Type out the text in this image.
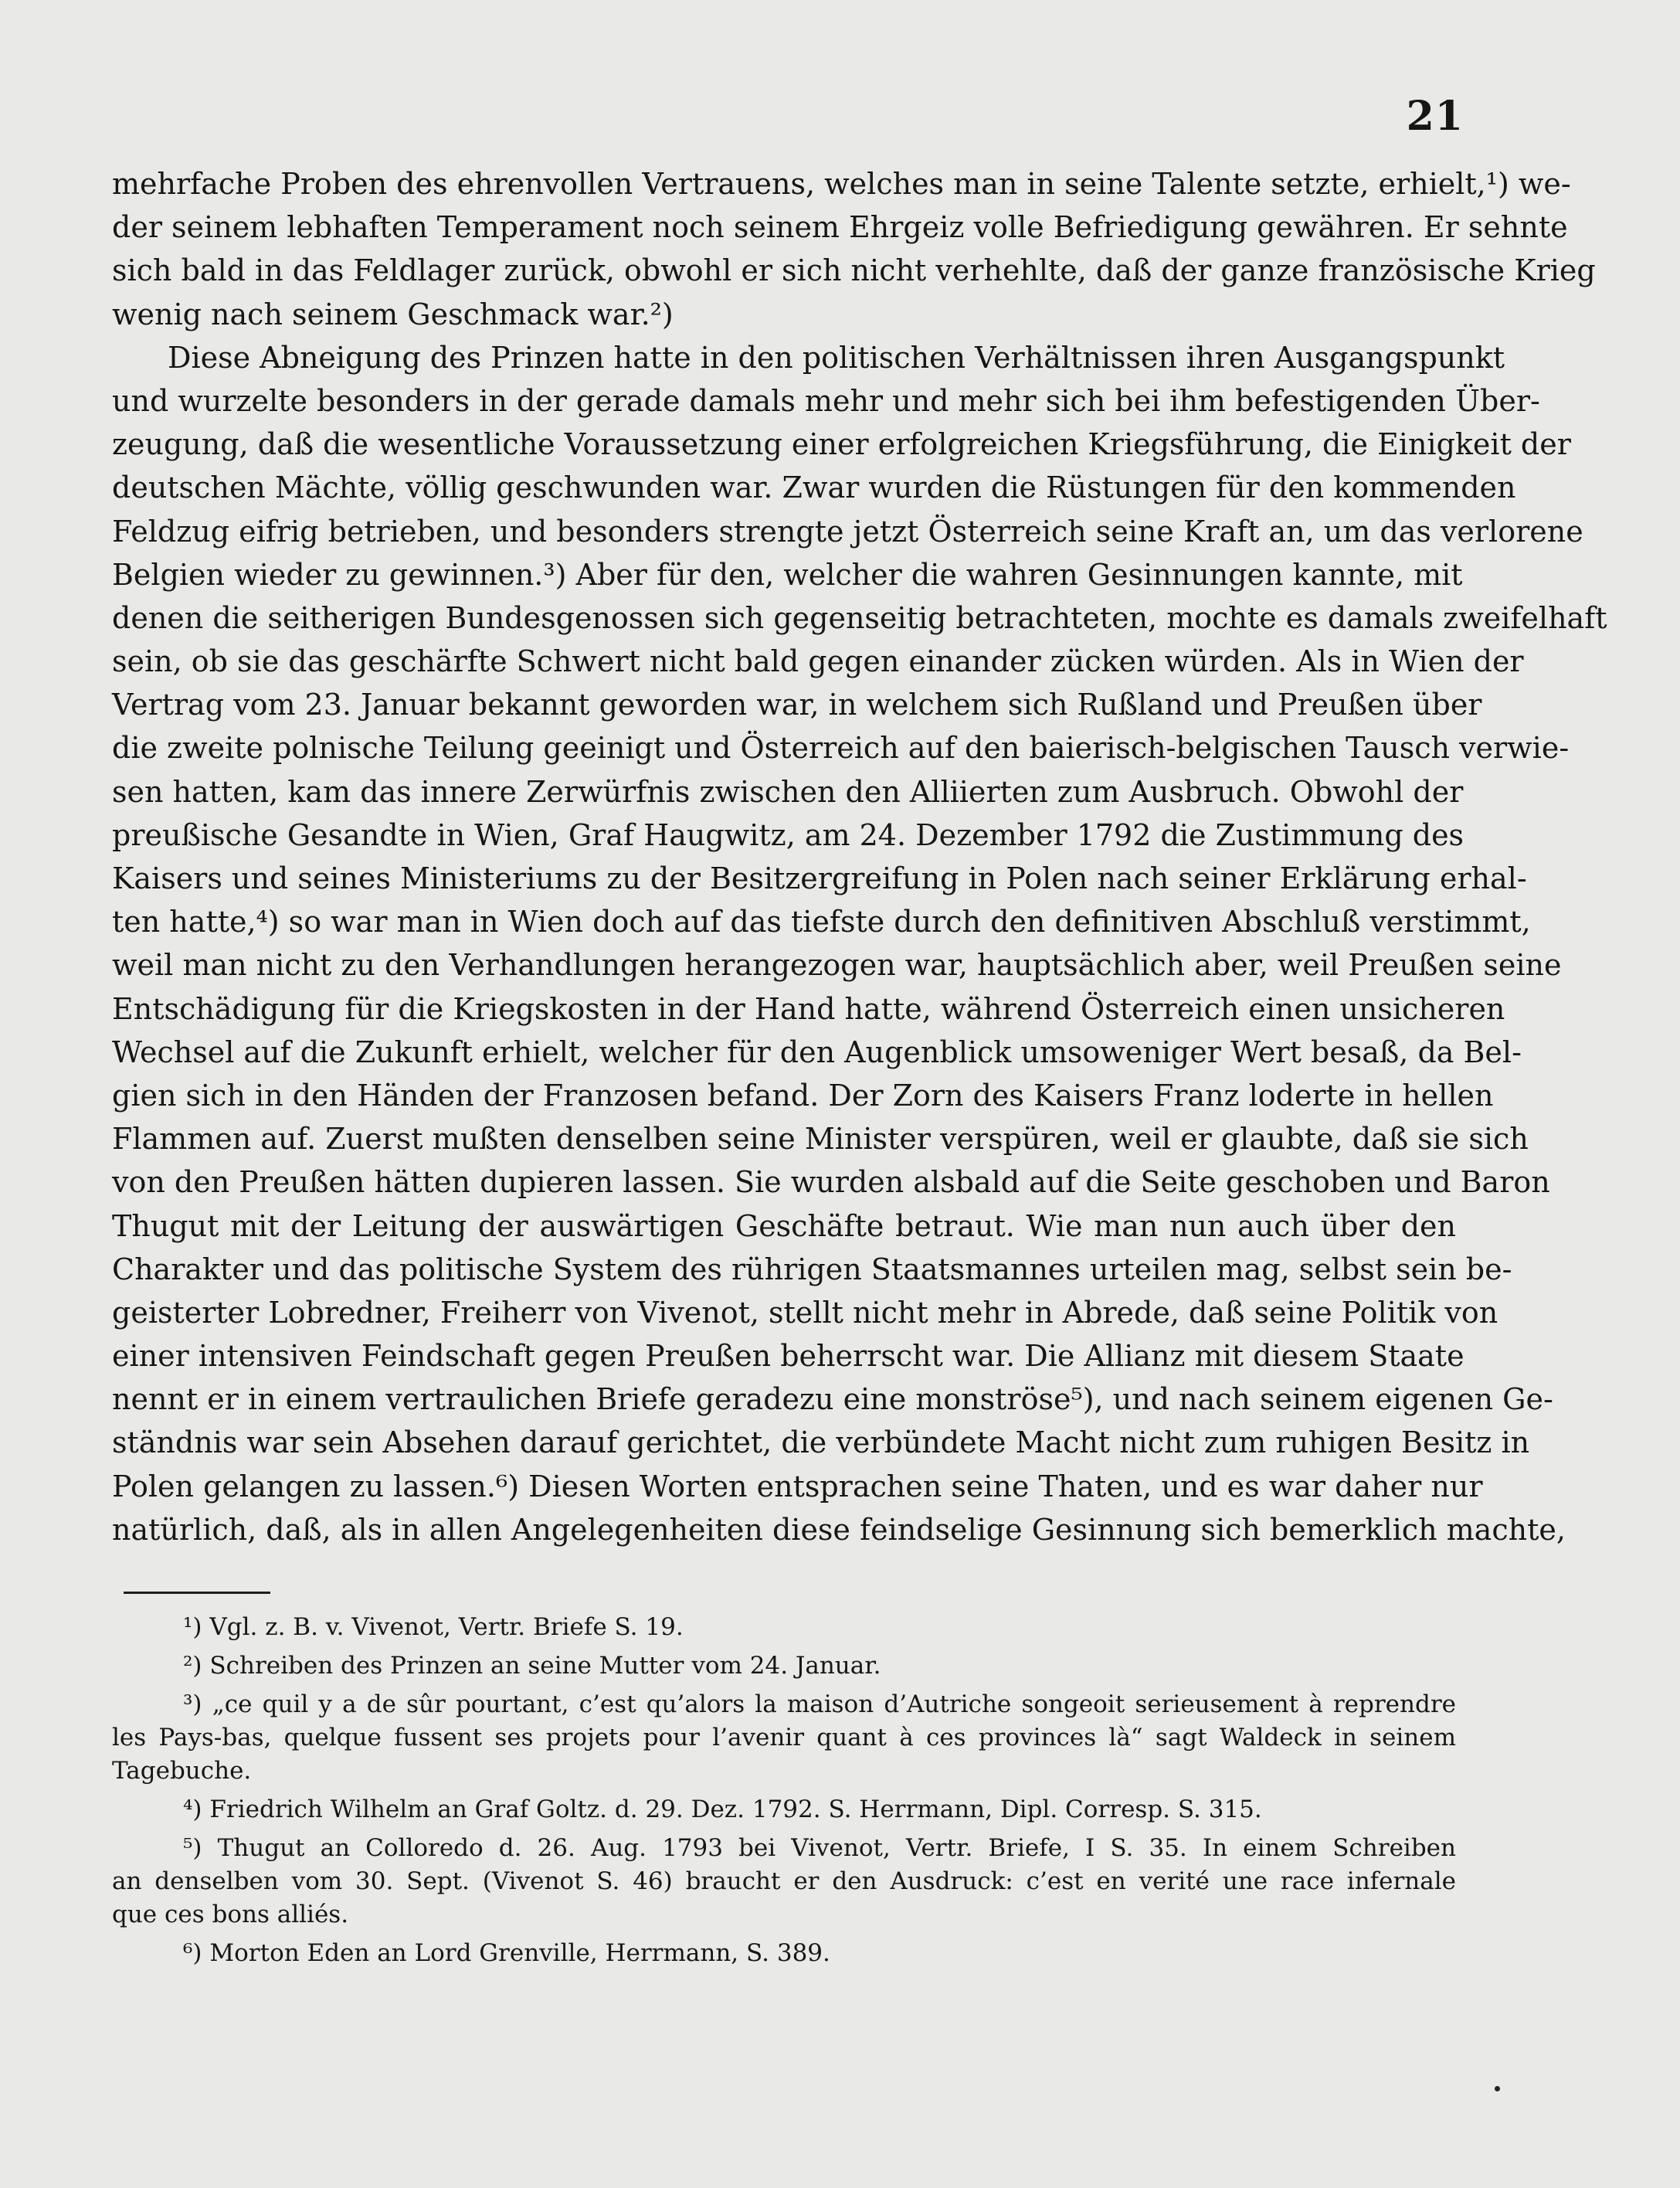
21
mehrfache Proben des ehrenvollen Vertrauens, welches man in seine Talente setzte, erhielt,¹) we-
der seinem lebhaften Temperament noch seinem Ehrgeiz volle Befriedigung gewähren. Er sehnte
sich bald in das Feldlager zurück, obwohl er sich nicht verhehlte, daß der ganze französische Krieg
wenig nach seinem Geschmack war.²)
Diese Abneigung des Prinzen hatte in den politischen Verhältnissen ihren Ausgangspunkt
und wurzelte besonders in der gerade damals mehr und mehr sich bei ihm befestigenden Über-
zeugung, daß die wesentliche Voraussetzung einer erfolgreichen Kriegsführung, die Einigkeit der
deutschen Mächte, völlig geschwunden war. Zwar wurden die Rüstungen für den kommenden
Feldzug eifrig betrieben, und besonders strengte jetzt Österreich seine Kraft an, um das verlorene
Belgien wieder zu gewinnen.³) Aber für den, welcher die wahren Gesinnungen kannte, mit
denen die seitherigen Bundesgenossen sich gegenseitig betrachteten, mochte es damals zweifelhaft
sein, ob sie das geschärfte Schwert nicht bald gegen einander zücken würden. Als in Wien der
Vertrag vom 23. Januar bekannt geworden war, in welchem sich Rußland und Preußen über
die zweite polnische Teilung geeinigt und Österreich auf den baierisch-belgischen Tausch verwie-
sen hatten, kam das innere Zerwürfnis zwischen den Alliierten zum Ausbruch. Obwohl der
preußische Gesandte in Wien, Graf Haugwitz, am 24. Dezember 1792 die Zustimmung des
Kaisers und seines Ministeriums zu der Besitzergreifung in Polen nach seiner Erklärung erhal-
ten hatte,⁴) so war man in Wien doch auf das tiefste durch den definitiven Abschluß verstimmt,
weil man nicht zu den Verhandlungen herangezogen war, hauptsächlich aber, weil Preußen seine
Entschädigung für die Kriegskosten in der Hand hatte, während Österreich einen unsicheren
Wechsel auf die Zukunft erhielt, welcher für den Augenblick umsoweniger Wert besaß, da Bel-
gien sich in den Händen der Franzosen befand. Der Zorn des Kaisers Franz loderte in hellen
Flammen auf. Zuerst mußten denselben seine Minister verspüren, weil er glaubte, daß sie sich
von den Preußen hätten dupieren lassen. Sie wurden alsbald auf die Seite geschoben und Baron
Thugut mit der Leitung der auswärtigen Geschäfte betraut. Wie man nun auch über den
Charakter und das politische System des rührigen Staatsmannes urteilen mag, selbst sein be-
geisterter Lobredner, Freiherr von Vivenot, stellt nicht mehr in Abrede, daß seine Politik von
einer intensiven Feindschaft gegen Preußen beherrscht war. Die Allianz mit diesem Staate
nennt er in einem vertraulichen Briefe geradezu eine monströse⁵), und nach seinem eigenen Ge-
ständnis war sein Absehen darauf gerichtet, die verbündete Macht nicht zum ruhigen Besitz in
Polen gelangen zu lassen.⁶) Diesen Worten entsprachen seine Thaten, und es war daher nur
natürlich, daß, als in allen Angelegenheiten diese feindselige Gesinnung sich bemerklich machte,
¹) Vgl. z. B. v. Vivenot, Vertr. Briefe S. 19.
²) Schreiben des Prinzen an seine Mutter vom 24. Januar.
³) „ce quil y a de sûr pourtant, c’est qu’alors la maison d’Autriche songeoit serieusement à reprendre
les Pays-bas, quelque fussent ses projets pour l’avenir quant à ces provinces là“ sagt Waldeck in seinem
Tagebuche.
⁴) Friedrich Wilhelm an Graf Goltz. d. 29. Dez. 1792. S. Herrmann, Dipl. Corresp. S. 315.
⁵) Thugut an Colloredo d. 26. Aug. 1793 bei Vivenot, Vertr. Briefe, I S. 35. In einem Schreiben
an denselben vom 30. Sept. (Vivenot S. 46) braucht er den Ausdruck: c’est en verité une race infernale
que ces bons alliés.
⁶) Morton Eden an Lord Grenville, Herrmann, S. 389.
